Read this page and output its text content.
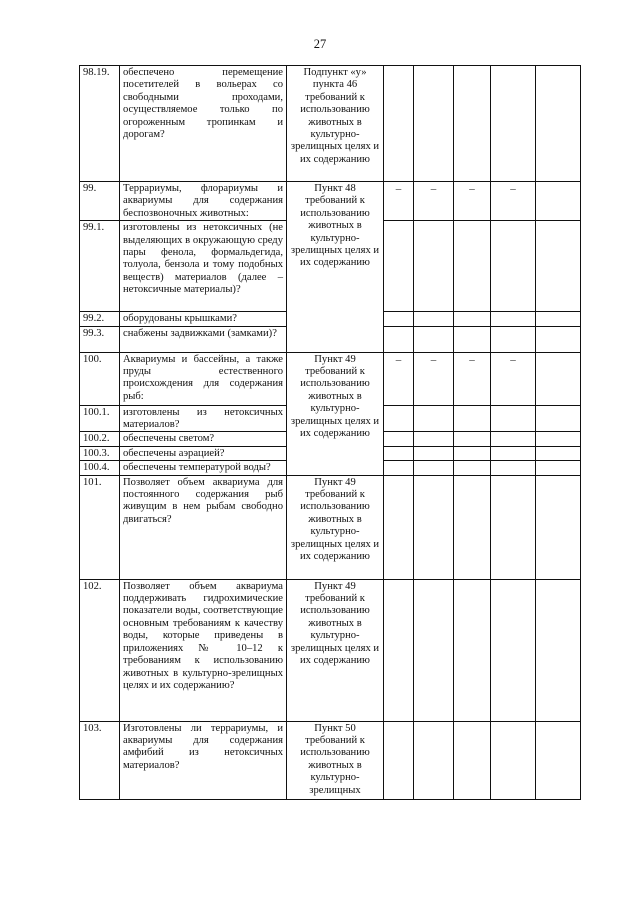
27
98.19.	обеспечено перемещение посетителей в вольерах со свободными проходами, осуществляемое только по огороженным тропинкам и дорогам?	Подпункт «у» пункта 46 требований к использованию животных в культурно-зрелищных целях и их содержанию					
99.	Террариумы, флорариумы и аквариумы для содержания беспозвоночных животных:	Пункт 48 требований к использованию животных в культурно-зрелищных целях и их содержанию	–	–	–	–	
99.1.	изготовлены из нетоксичных (не выделяющих в окружающую среду пары фенола, формальдегида, толуола, бензола и тому подобных веществ) материалов (далее – нетоксичные материалы)?						
99.2.	оборудованы крышками?						
99.3.	снабжены задвижками (замками)?						
100.	Аквариумы и бассейны, а также пруды естественного происхождения для содержания рыб:	Пункт 49 требований к использованию животных в культурно-зрелищных целях и их содержанию	–	–	–	–	
100.1.	изготовлены из нетоксичных материалов?						
100.2.	обеспечены светом?						
100.3.	обеспечены аэрацией?						
100.4.	обеспечены температурой воды?						
101.	Позволяет объем аквариума для постоянного содержания рыб живущим в нем рыбам свободно двигаться?	Пункт 49 требований к использованию животных в культурно-зрелищных целях и их содержанию					
102.	Позволяет объем аквариума поддерживать гидрохимические показатели воды, соответствующие основным требованиям к качеству воды, которые приведены в приложениях № 10–12 к требованиям к использованию животных в культурно-зрелищных целях и их содержанию?	Пункт 49 требований к использованию животных в культурно-зрелищных целях и их содержанию					
103.	Изготовлены ли террариумы, и аквариумы для содержания амфибий из нетоксичных материалов?	Пункт 50 требований к использованию животных в культурно-зрелищных					
